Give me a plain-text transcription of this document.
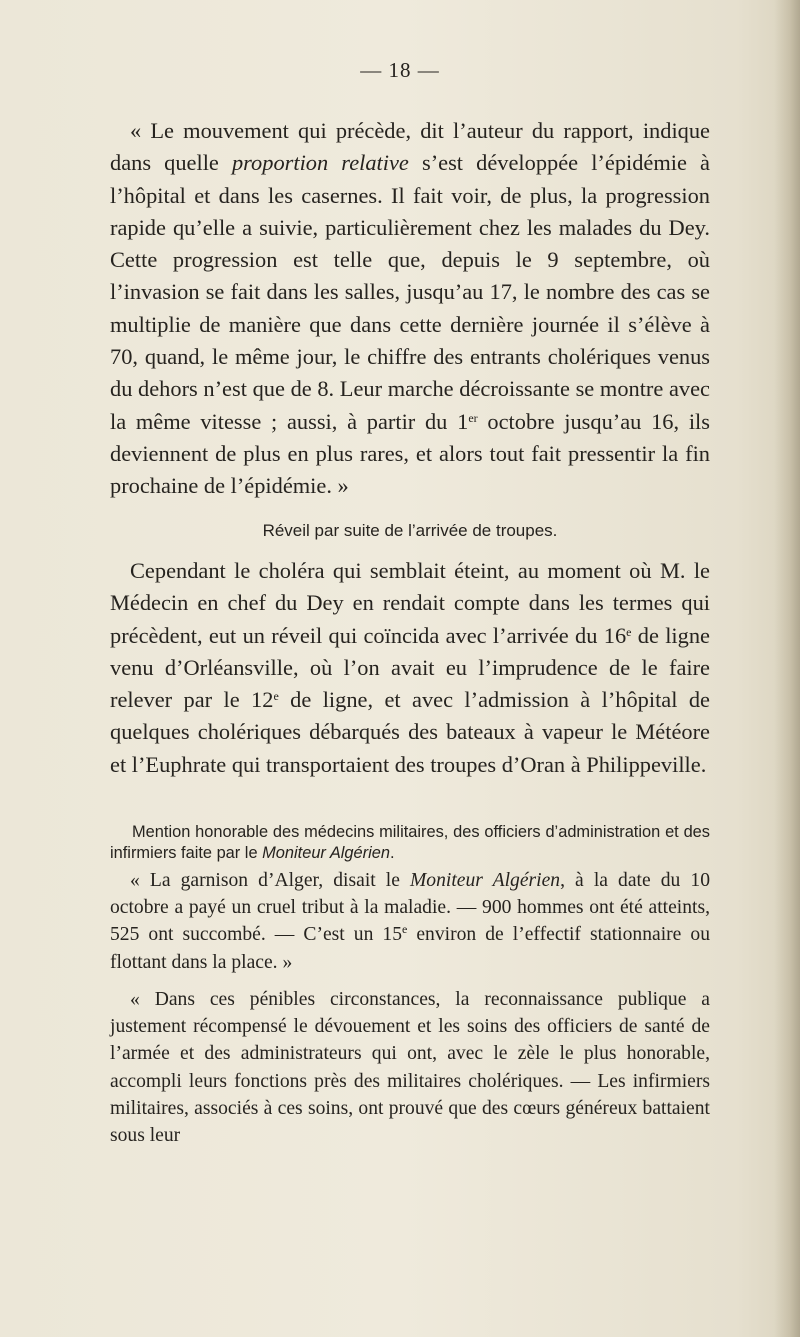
— 18 —

« Le mouvement qui précède, dit l’auteur du rapport, indique dans quelle proportion relative s’est développée l’épidémie à l’hôpital et dans les casernes. Il fait voir, de plus, la progression rapide qu’elle a suivie, particulièrement chez les malades du Dey. Cette progression est telle que, depuis le 9 septembre, où l’invasion se fait dans les salles, jusqu’au 17, le nombre des cas se multiplie de manière que dans cette dernière journée il s’élève à 70, quand, le même jour, le chiffre des entrants cholériques venus du dehors n’est que de 8. Leur marche décroissante se montre avec la même vitesse ; aussi, à partir du 1er octobre jusqu’au 16, ils deviennent de plus en plus rares, et alors tout fait pressentir la fin prochaine de l’épidémie. »

Réveil par suite de l’arrivée de troupes.

Cependant le choléra qui semblait éteint, au moment où M. le Médecin en chef du Dey en rendait compte dans les termes qui précèdent, eut un réveil qui coïncida avec l’arrivée du 16e de ligne venu d’Orléansville, où l’on avait eu l’imprudence de le faire relever par le 12e de ligne, et avec l’admission à l’hôpital de quelques cholériques débarqués des bateaux à vapeur le Météore et l’Euphrate qui transportaient des troupes d’Oran à Philippeville.

Mention honorable des médecins militaires, des officiers d’administration et des infirmiers faite par le Moniteur Algérien.

« La garnison d’Alger, disait le Moniteur Algérien, à la date du 10 octobre a payé un cruel tribut à la maladie. — 900 hommes ont été atteints, 525 ont succombé. — C’est un 15e environ de l’effectif stationnaire ou flottant dans la place. »

« Dans ces pénibles circonstances, la reconnaissance publique a justement récompensé le dévouement et les soins des officiers de santé de l’armée et des administrateurs qui ont, avec le zèle le plus honorable, accompli leurs fonctions près des militaires cholériques. — Les infirmiers militaires, associés à ces soins, ont prouvé que des cœurs généreux battaient sous leur
